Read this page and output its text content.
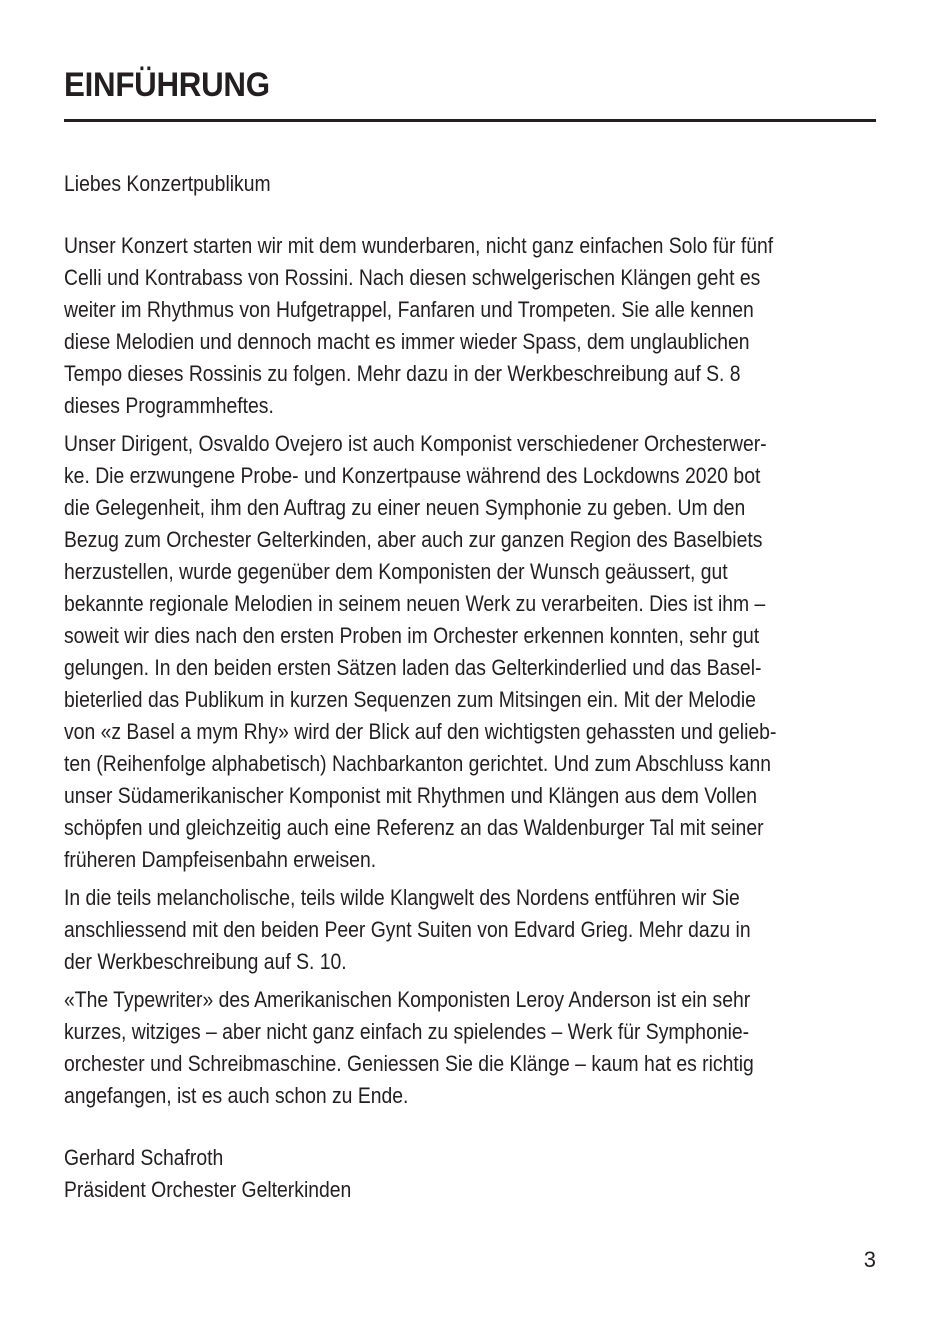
EINFÜHRUNG
Liebes Konzertpublikum
Unser Konzert starten wir mit dem wunderbaren, nicht ganz einfachen Solo für fünf
Celli und Kontrabass von Rossini. Nach diesen schwelgerischen Klängen geht es
weiter im Rhythmus von Hufgetrappel, Fanfaren und Trompeten. Sie alle kennen
diese Melodien und dennoch macht es immer wieder Spass, dem unglaublichen
Tempo dieses Rossinis zu folgen. Mehr dazu in der Werkbeschreibung auf S. 8
dieses Programmheftes.
Unser Dirigent, Osvaldo Ovejero ist auch Komponist verschiedener Orchesterwer-
ke. Die erzwungene Probe- und Konzertpause während des Lockdowns 2020 bot
die Gelegenheit, ihm den Auftrag zu einer neuen Symphonie zu geben. Um den
Bezug zum Orchester Gelterkinden, aber auch zur ganzen Region des Baselbiets
herzustellen, wurde gegenüber dem Komponisten der Wunsch geäussert, gut
bekannte regionale Melodien in seinem neuen Werk zu verarbeiten. Dies ist ihm –
soweit wir dies nach den ersten Proben im Orchester erkennen konnten, sehr gut
gelungen. In den beiden ersten Sätzen laden das Gelterkinderlied und das Basel-
bieterlied das Publikum in kurzen Sequenzen zum Mitsingen ein. Mit der Melodie
von «z Basel a mym Rhy» wird der Blick auf den wichtigsten gehassten und gelieb-
ten (Reihenfolge alphabetisch) Nachbarkanton gerichtet. Und zum Abschluss kann
unser Südamerikanischer Komponist mit Rhythmen und Klängen aus dem Vollen
schöpfen und gleichzeitig auch eine Referenz an das Waldenburger Tal mit seiner
früheren Dampfeisenbahn erweisen.
In die teils melancholische, teils wilde Klangwelt des Nordens entführen wir Sie
anschliessend mit den beiden Peer Gynt Suiten von Edvard Grieg. Mehr dazu in
der Werkbeschreibung auf S. 10.
«The Typewriter» des Amerikanischen Komponisten Leroy Anderson ist ein sehr
kurzes, witziges – aber nicht ganz einfach zu spielendes – Werk für Symphonie-
orchester und Schreibmaschine. Geniessen Sie die Klänge – kaum hat es richtig
angefangen, ist es auch schon zu Ende.
Gerhard Schafroth
Präsident Orchester Gelterkinden
3
